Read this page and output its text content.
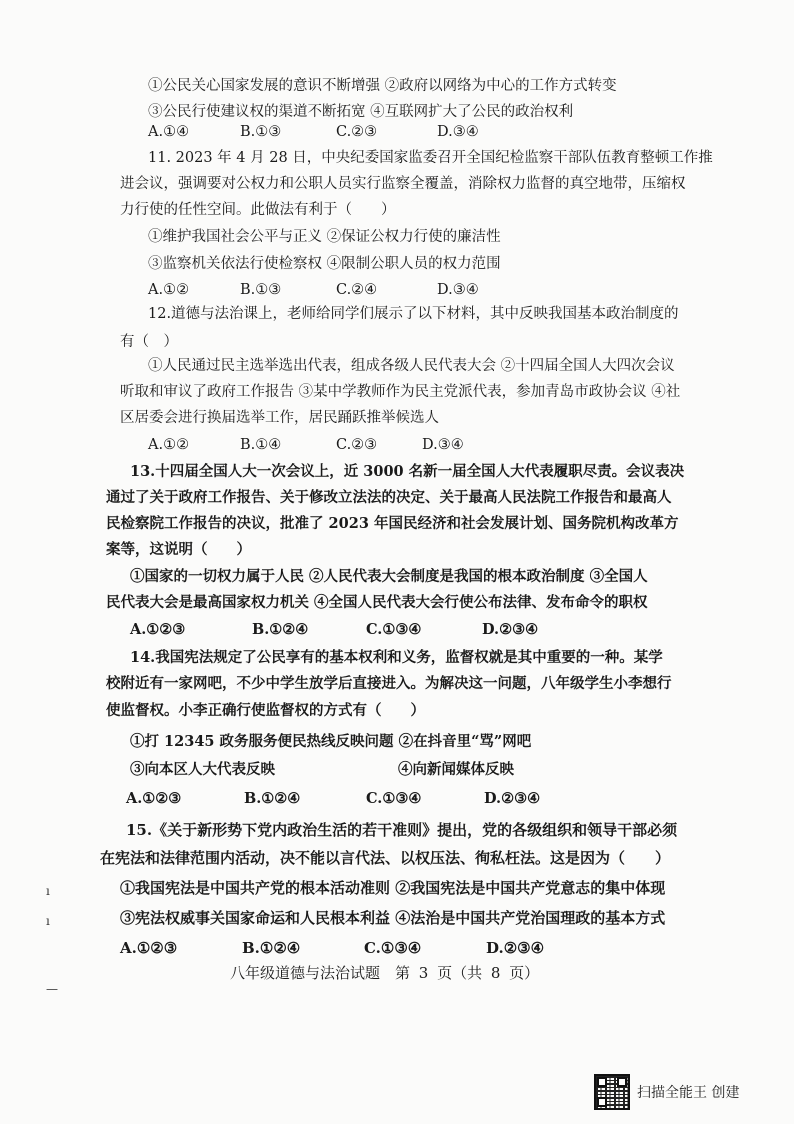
①公民关心国家发展的意识不断增强 ②政府以网络为中心的工作方式转变
③公民行使建议权的渠道不断拓宽 ④互联网扩大了公民的政治权利
A.①④	B.①③	C.②③	D.③④
11. 2023 年 4 月 28 日，中央纪委国家监委召开全国纪检监察干部队伍教育整顿工作推
进会议，强调要对公权力和公职人员实行监察全覆盖，消除权力监督的真空地带，压缩权
力行使的任性空间。此做法有利于（　　）
①维护我国社会公平与正义 ②保证公权力行使的廉洁性
③监察机关依法行使检察权 ④限制公职人员的权力范围
A.①②	B.①③	C.②④	D.③④
12.道德与法治课上，老师给同学们展示了以下材料，其中反映我国基本政治制度的
有（　）
①人民通过民主选举选出代表，组成各级人民代表大会 ②十四届全国人大四次会议
听取和审议了政府工作报告 ③某中学教师作为民主党派代表，参加青岛市政协会议 ④社
区居委会进行换届选举工作，居民踊跃推举候选人
A.①②	B.①④	C.②③	D.③④
13.十四届全国人大一次会议上，近 3000 名新一届全国人大代表履职尽责。会议表决
通过了关于政府工作报告、关于修改立法法的决定、关于最高人民法院工作报告和最高人
民检察院工作报告的决议，批准了 2023 年国民经济和社会发展计划、国务院机构改革方
案等，这说明（　　）
①国家的一切权力属于人民 ②人民代表大会制度是我国的根本政治制度 ③全国人
民代表大会是最高国家权力机关 ④全国人民代表大会行使公布法律、发布命令的职权
A.①②③	B.①②④	C.①③④	D.②③④
14.我国宪法规定了公民享有的基本权利和义务，监督权就是其中重要的一种。某学
校附近有一家网吧，不少中学生放学后直接进入。为解决这一问题，八年级学生小李想行
使监督权。小李正确行使监督权的方式有（　　）
①打 12345 政务服务便民热线反映问题 ②在抖音里“骂”网吧
③向本区人大代表反映	④向新闻媒体反映
A.①②③	B.①②④	C.①③④	D.②③④
15.《关于新形势下党内政治生活的若干准则》提出，党的各级组织和领导干部必须
在宪法和法律范围内活动，决不能以言代法、以权压法、徇私枉法。这是因为（　　）
①我国宪法是中国共产党的根本活动准则 ②我国宪法是中国共产党意志的集中体现
③宪法权威事关国家命运和人民根本利益 ④法治是中国共产党治国理政的基本方式
A.①②③	B.①②④	C.①③④	D.②③④
八年级道德与法治试题　第 3 页（共 8 页）
ı
ı
—
扫描全能王 创建
